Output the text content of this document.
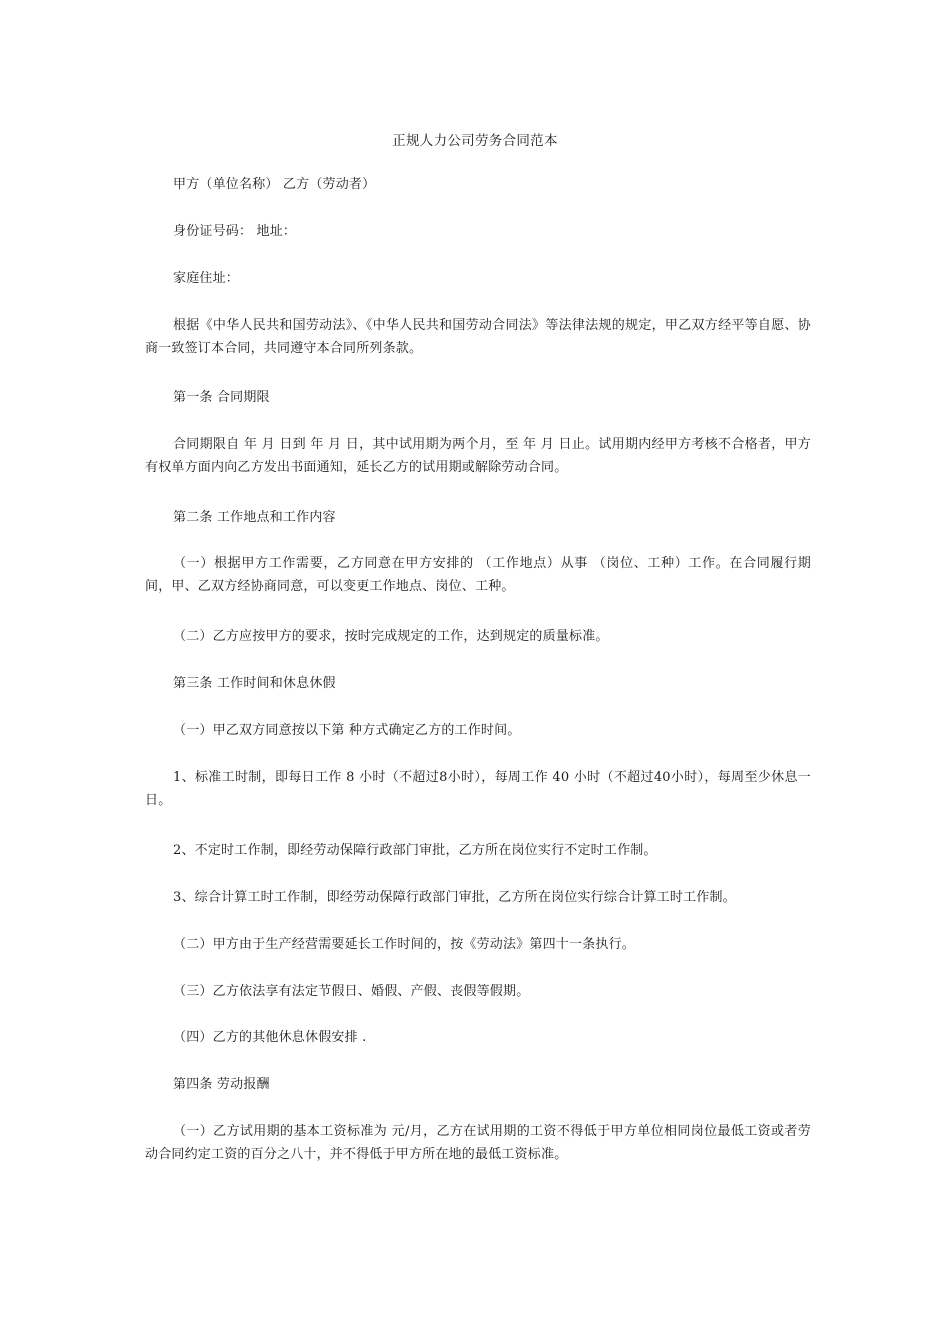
正规人力公司劳务合同范本

甲方（单位名称） 乙方（劳动者）

身份证号码： 地址：

家庭住址：

根据《中华人民共和国劳动法》、《中华人民共和国劳动合同法》等法律法规的规定，甲乙双方经平等自愿、协商一致签订本合同，共同遵守本合同所列条款。

第一条 合同期限

合同期限自 年 月 日到 年 月 日，其中试用期为两个月，至 年 月 日止。试用期内经甲方考核不合格者，甲方有权单方面内向乙方发出书面通知，延长乙方的试用期或解除劳动合同。

第二条 工作地点和工作内容

（一）根据甲方工作需要，乙方同意在甲方安排的 （工作地点）从事 （岗位、工种）工作。在合同履行期间，甲、乙双方经协商同意，可以变更工作地点、岗位、工种。

（二）乙方应按甲方的要求，按时完成规定的工作，达到规定的质量标准。

第三条 工作时间和休息休假

（一）甲乙双方同意按以下第 种方式确定乙方的工作时间。

1、标准工时制，即每日工作 8 小时（不超过8小时），每周工作 40 小时（不超过40小时），每周至少休息一日。

2、不定时工作制，即经劳动保障行政部门审批，乙方所在岗位实行不定时工作制。

3、综合计算工时工作制，即经劳动保障行政部门审批，乙方所在岗位实行综合计算工时工作制。

（二）甲方由于生产经营需要延长工作时间的，按《劳动法》第四十一条执行。

（三）乙方依法享有法定节假日、婚假、产假、丧假等假期。

（四）乙方的其他休息休假安排 .

第四条 劳动报酬

（一）乙方试用期的基本工资标准为 元/月，乙方在试用期的工资不得低于甲方单位相同岗位最低工资或者劳动合同约定工资的百分之八十，并不得低于甲方所在地的最低工资标准。
